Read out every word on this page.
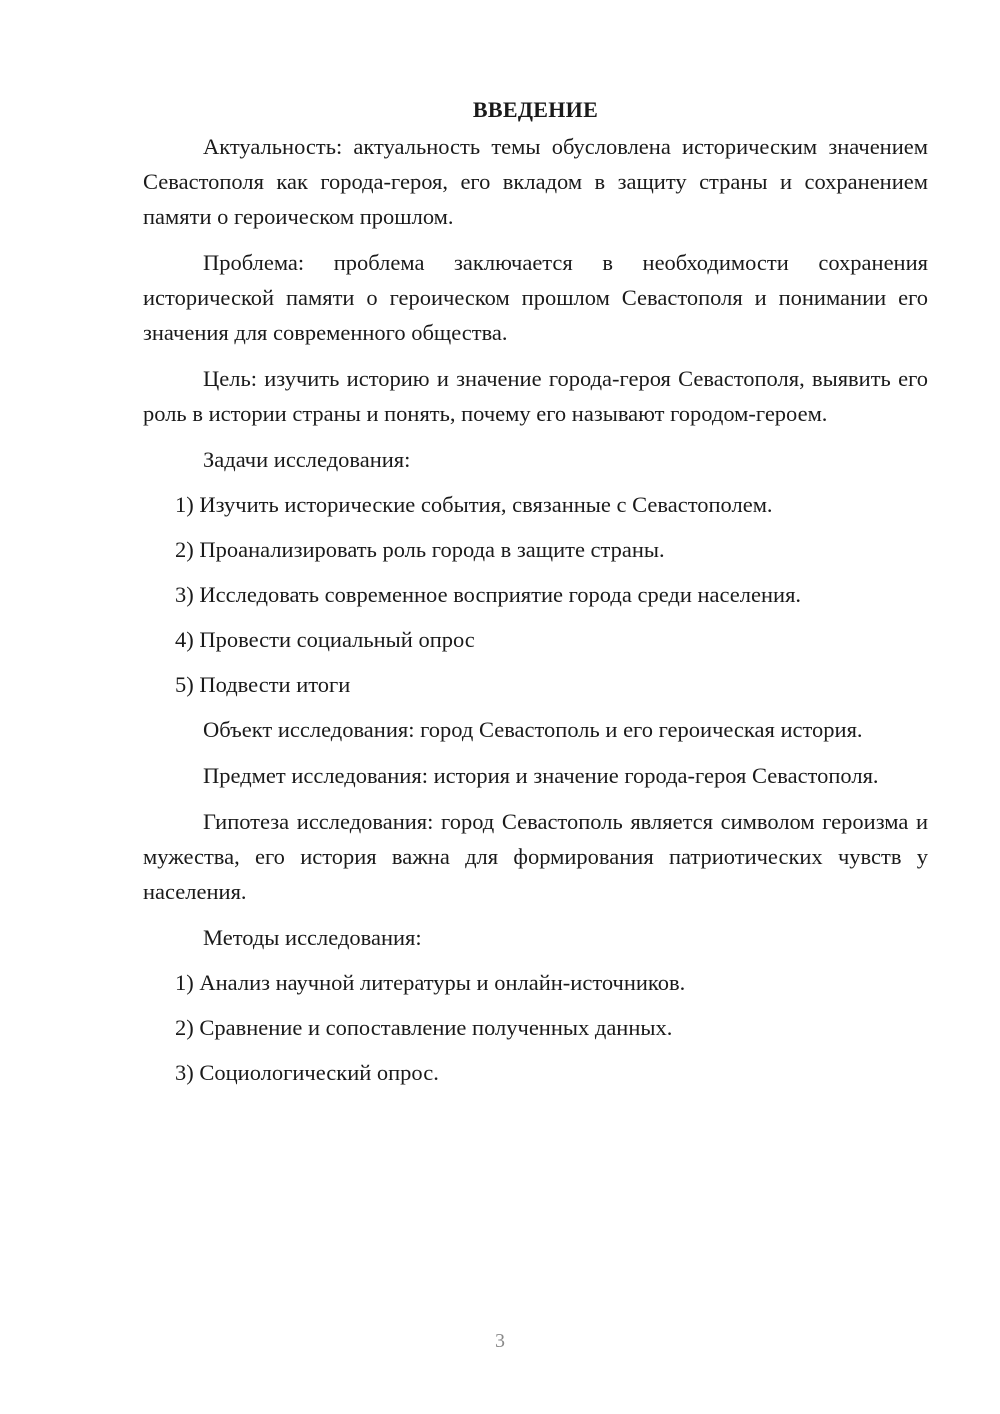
ВВЕДЕНИЕ

Актуальность: актуальность темы обусловлена историческим значением Севастополя как города-героя, его вкладом в защиту страны и сохранением памяти о героическом прошлом.

Проблема: проблема заключается в необходимости сохранения исторической памяти о героическом прошлом Севастополя и понимании его значения для современного общества.

Цель: изучить историю и значение города-героя Севастополя, выявить его роль в истории страны и понять, почему его называют городом-героем.

Задачи исследования:
1) Изучить исторические события, связанные с Севастополем.
2) Проанализировать роль города в защите страны.
3) Исследовать современное восприятие города среди населения.
4) Провести социальный опрос
5) Подвести итоги

Объект исследования: город Севастополь и его героическая история.

Предмет исследования: история и значение города-героя Севастополя.

Гипотеза исследования: город Севастополь является символом героизма и мужества, его история важна для формирования патриотических чувств у населения.

Методы исследования:
1) Анализ научной литературы и онлайн-источников.
2) Сравнение и сопоставление полученных данных.
3) Социологический опрос.
3
